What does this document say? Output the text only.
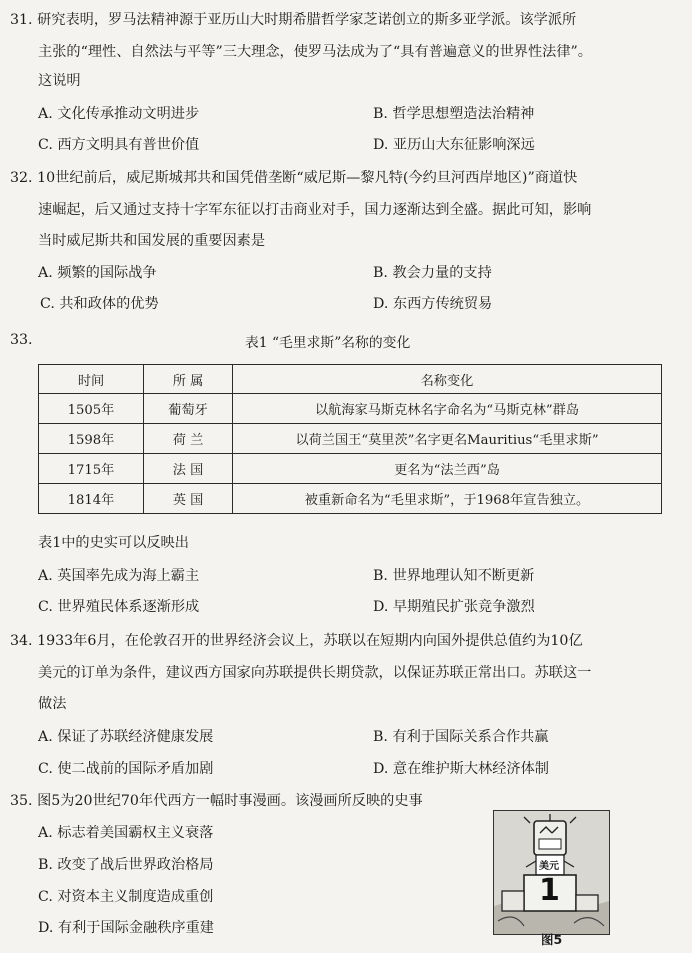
31. 研究表明，罗马法精神源于亚历山大时期希腊哲学家芝诺创立的斯多亚学派。该学派所
主张的“理性、自然法与平等”三大理念，使罗马法成为了“具有普遍意义的世界性法律”。
这说明
A. 文化传承推动文明进步	B. 哲学思想塑造法治精神
C. 西方文明具有普世价值	D. 亚历山大东征影响深远
32. 10世纪前后，威尼斯城邦共和国凭借垄断“威尼斯—黎凡特(今约旦河西岸地区)”商道快
速崛起，后又通过支持十字军东征以打击商业对手，国力逐渐达到全盛。据此可知，影响
当时威尼斯共和国发展的重要因素是
A. 频繁的国际战争	B. 教会力量的支持
C. 共和政体的优势	D. 东西方传统贸易
33.	表1 “毛里求斯”名称的变化
时间	所 属	名称变化
1505年	葡萄牙	以航海家马斯克林名字命名为“马斯克林”群岛
1598年	荷 兰	以荷兰国王“莫里茨”名字更名Mauritius“毛里求斯”
1715年	法 国	更名为“法兰西”岛
1814年	英 国	被重新命名为“毛里求斯”，于1968年宣告独立。
表1中的史实可以反映出
A. 英国率先成为海上霸主	B. 世界地理认知不断更新
C. 世界殖民体系逐渐形成	D. 早期殖民扩张竞争激烈
34. 1933年6月，在伦敦召开的世界经济会议上，苏联以在短期内向国外提供总值约为10亿
美元的订单为条件，建议西方国家向苏联提供长期贷款，以保证苏联正常出口。苏联这一
做法
A. 保证了苏联经济健康发展	B. 有利于国际关系合作共赢
C. 使二战前的国际矛盾加剧	D. 意在维护斯大林经济体制
35. 图5为20世纪70年代西方一幅时事漫画。该漫画所反映的史事
A. 标志着美国霸权主义衰落
B. 改变了战后世界政治格局
C. 对资本主义制度造成重创
D. 有利于国际金融秩序重建
1
美元
图5
